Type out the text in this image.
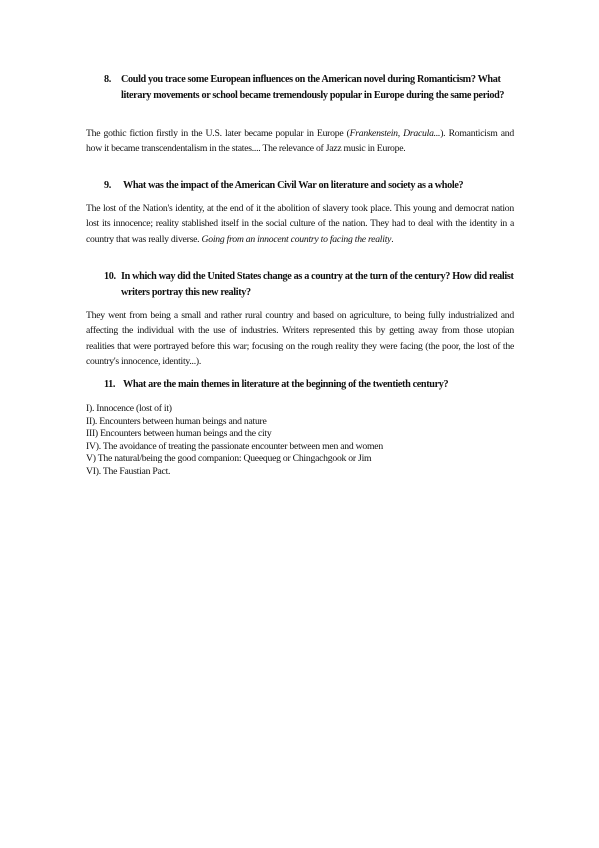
8. Could you trace some European influences on the American novel during Romanticism? What literary movements or school became tremendously popular in Europe during the same period?
The gothic fiction firstly in the U.S. later became popular in Europe (Frankenstein, Dracula...). Romanticism and how it became transcendentalism in the states.... The relevance of Jazz music in Europe.
9. What was the impact of the American Civil War on literature and society as a whole?
The lost of the Nation's identity, at the end of it the abolition of slavery took place. This young and democrat nation lost its innocence; reality stablished itself in the social culture of the nation. They had to deal with the identity in a country that was really diverse. Going from an innocent country to facing the reality.
10. In which way did the United States change as a country at the turn of the century? How did realist writers portray this new reality?
They went from being a small and rather rural country and based on agriculture, to being fully industrialized and affecting the individual with the use of industries. Writers represented this by getting away from those utopian realities that were portrayed before this war; focusing on the rough reality they were facing (the poor, the lost of the country's innocence, identity...).
11. What are the main themes in literature at the beginning of the twentieth century?
I). Innocence (lost of it)
II). Encounters between human beings and nature
III) Encounters between human beings and the city
IV). The avoidance of treating the passionate encounter between men and women
V) The natural/being the good companion: Queequeg or Chingachgook or Jim
VI). The Faustian Pact.
